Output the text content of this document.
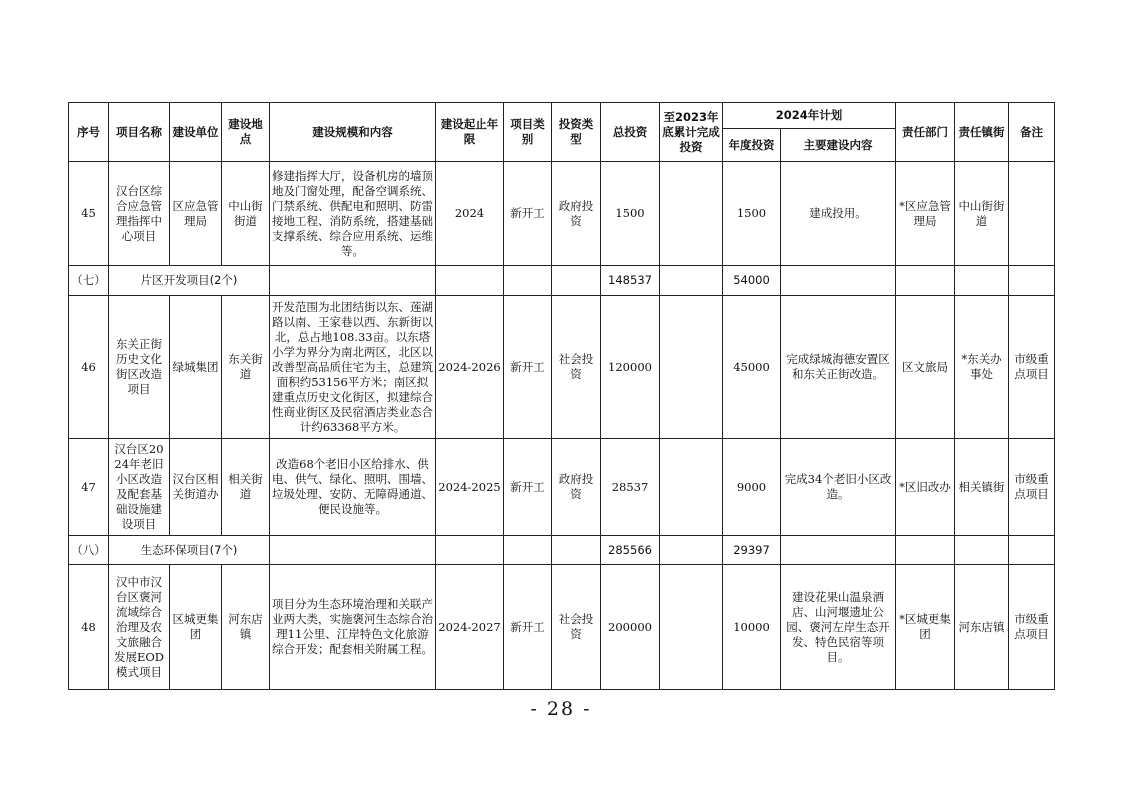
序号	项目名称	建设单位	建设地点	建设规模和内容	建设起止年限	项目类别	投资类型	总投资	至2023年底累计完成投资	2024年计划		责任部门	责任镇街	备注
										年度投资	主要建设内容			
45	汉台区综合应急管理指挥中心项目	区应急管理局	中山街街道	修建指挥大厅，设备机房的墙顶地及门窗处理，配备空调系统、门禁系统、供配电和照明、防雷接地工程、消防系统，搭建基础支撑系统、综合应用系统、运维等。	2024	新开工	政府投资	1500		1500	建成投用。	*区应急管理局	中山街街道	
（七）	片区开发项目(2个)							148537		54000				
46	东关正街历史文化街区改造项目	绿城集团	东关街道	开发范围为北团结街以东、莲湖路以南、王家巷以西、东新街以北，总占地108.33亩。以东塔小学为界分为南北两区，北区以改善型高品质住宅为主，总建筑面积约53156平方米；南区拟建重点历史文化街区，拟建综合性商业街区及民宿酒店类业态合计约63368平方米。	2024-2026	新开工	社会投资	120000		45000	完成绿城海德安置区和东关正街改造。	区文旅局	*东关办事处	市级重点项目
47	汉台区2024年老旧小区改造及配套基础设施建设项目	汉台区相关街道办	相关街道	改造68个老旧小区给排水、供电、供气、绿化、照明、围墙、垃圾处理、安防、无障碍通道、便民设施等。	2024-2025	新开工	政府投资	28537		9000	完成34个老旧小区改造。	*区旧改办	相关镇街	市级重点项目
（八）	生态环保项目(7个)							285566		29397				
48	汉中市汉台区褒河流域综合治理及农文旅融合发展EOD模式项目	区城更集团	河东店镇	项目分为生态环境治理和关联产业两大类，实施褒河生态综合治理11公里、江岸特色文化旅游综合开发；配套相关附属工程。	2024-2027	新开工	社会投资	200000		10000	建设花果山温泉酒店、山河堰遗址公园、褒河左岸生态开发、特色民宿等项目。	*区城更集团	河东店镇	市级重点项目
- 28 -
